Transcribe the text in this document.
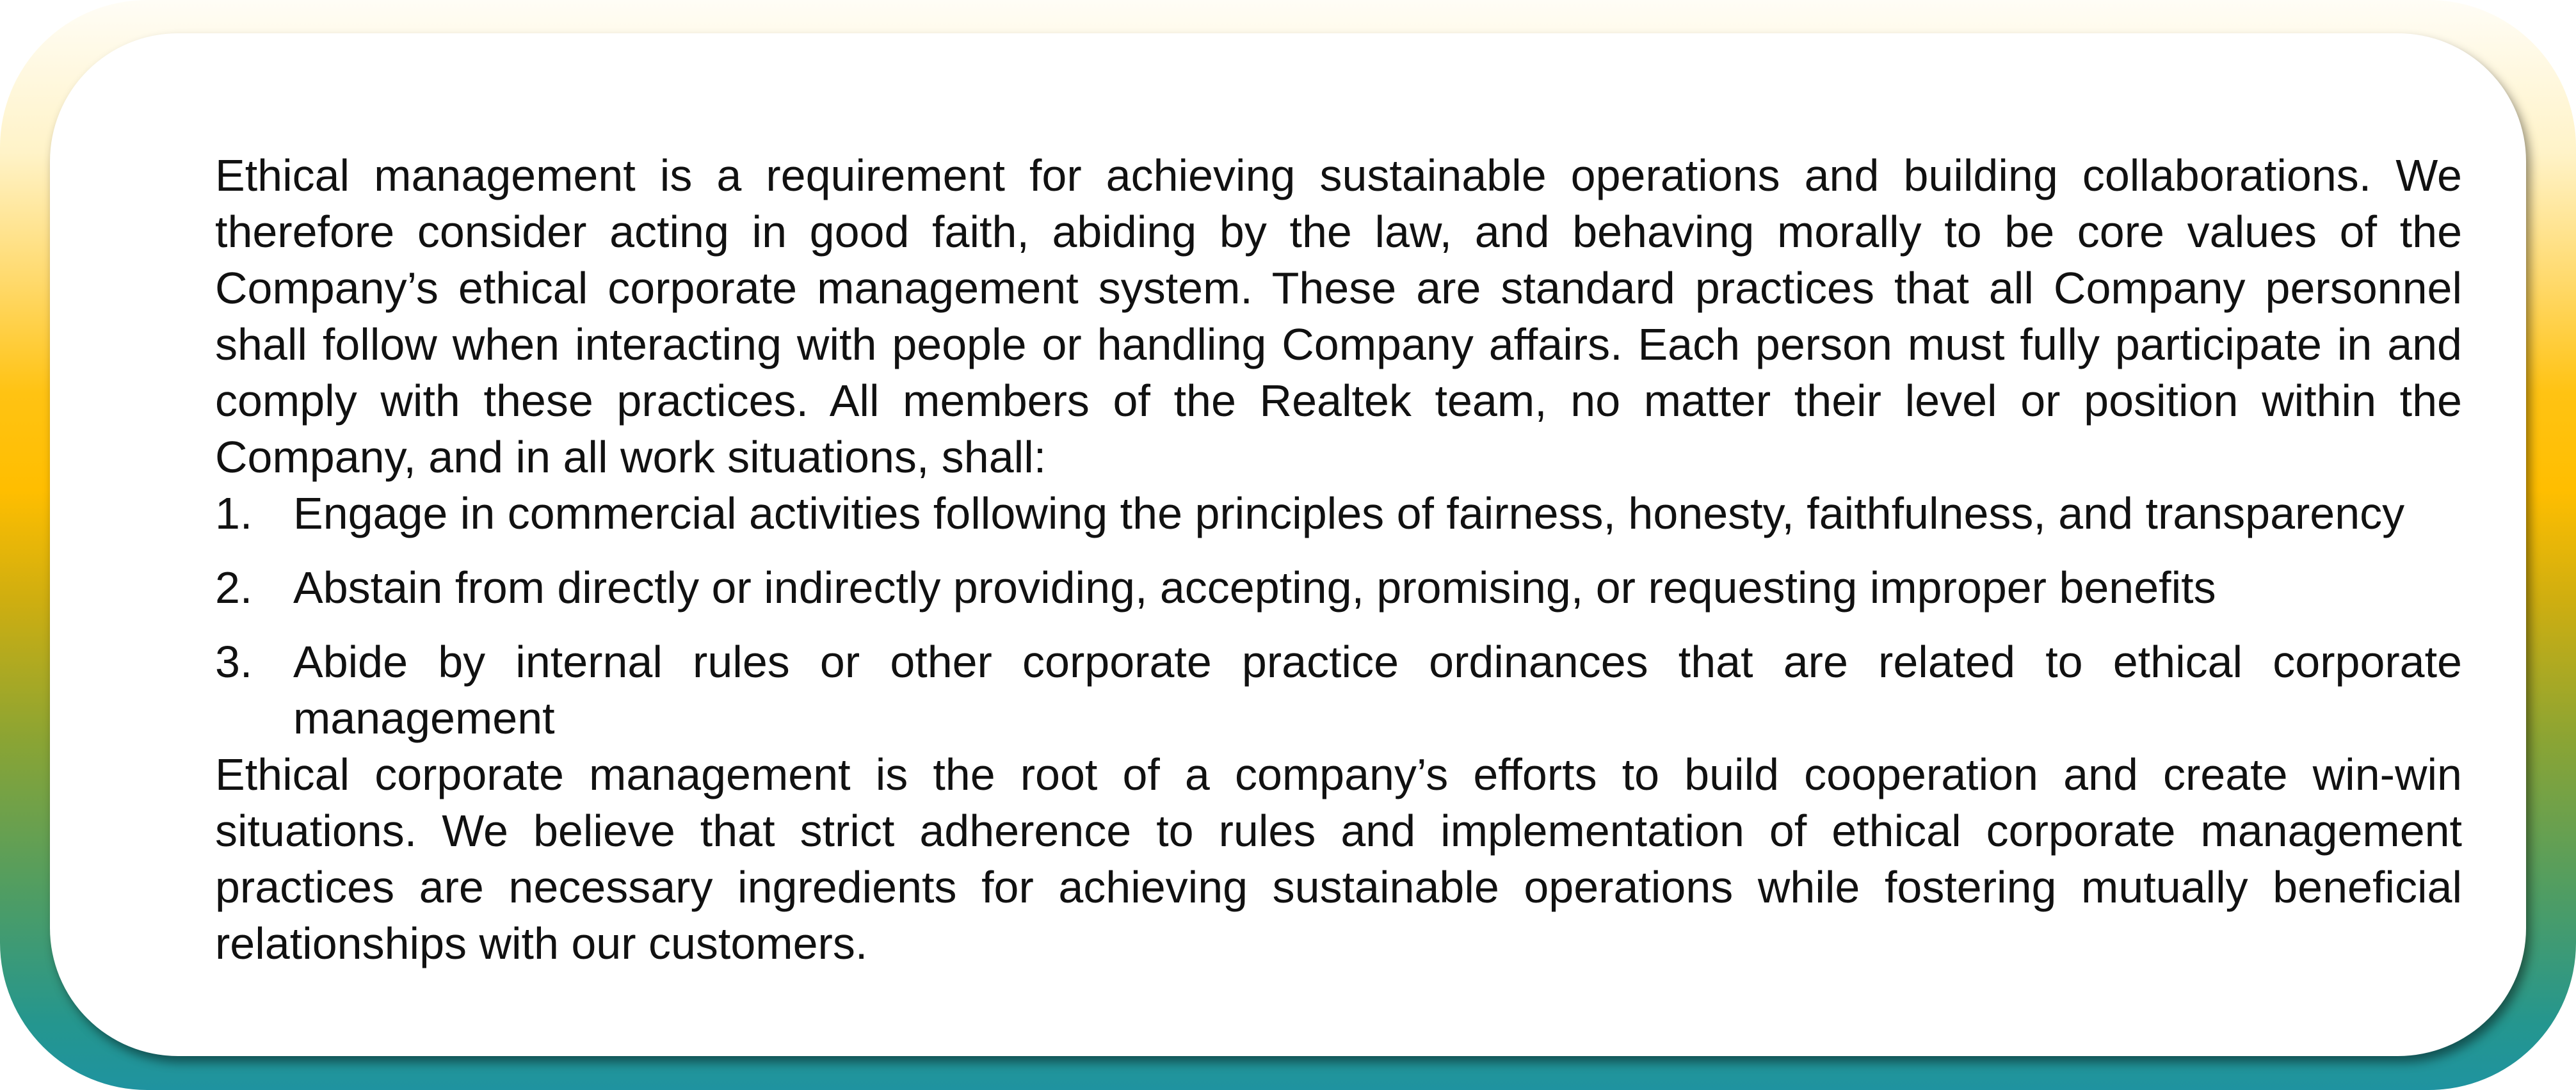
Ethical management is a requirement for achieving sustainable operations and building collaborations. We therefore consider acting in good faith, abiding by the law, and behaving morally to be core values of the Company’s ethical corporate management system. These are standard practices that all Company personnel shall follow when interacting with people or handling Company affairs. Each person must fully participate in and comply with these practices. All members of the Realtek team, no matter their level or position within the Company, and in all work situations, shall:

1. Engage in commercial activities following the principles of fairness, honesty, faithfulness, and transparency
2. Abstain from directly or indirectly providing, accepting, promising, or requesting improper benefits
3. Abide by internal rules or other corporate practice ordinances that are related to ethical corporate management

Ethical corporate management is the root of a company’s efforts to build cooperation and create win-win situations. We believe that strict adherence to rules and implementation of ethical corporate management practices are necessary ingredients for achieving sustainable operations while fostering mutually beneficial relationships with our customers.
